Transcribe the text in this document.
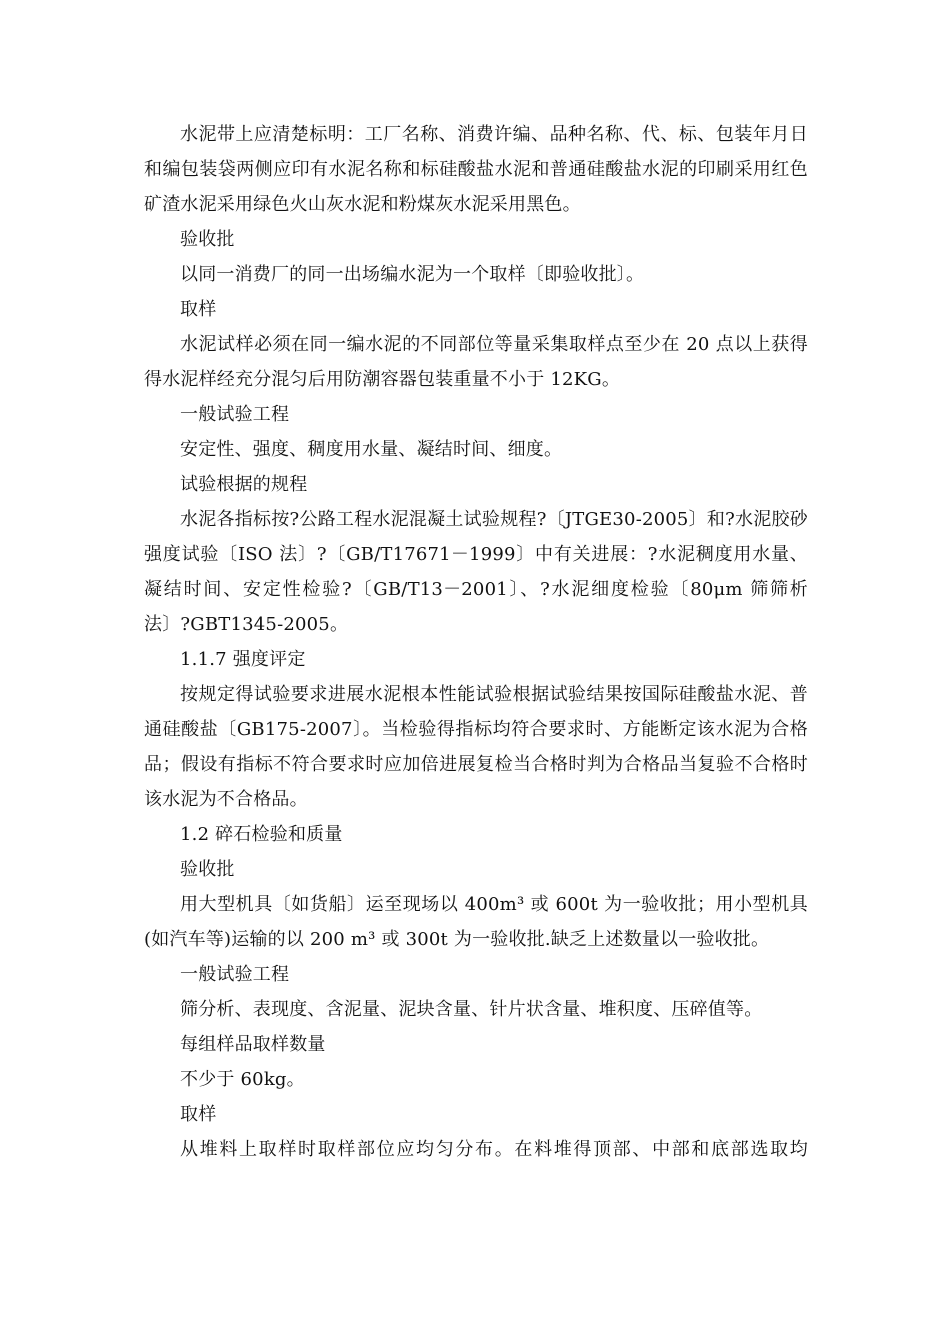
水泥带上应清楚标明：工厂名称、消费许编、品种名称、代、标、包装年月日和编包装袋两侧应印有水泥名称和标硅酸盐水泥和普通硅酸盐水泥的印刷采用红色矿渣水泥采用绿色火山灰水泥和粉煤灰水泥采用黑色。

验收批

以同一消费厂的同一出场编水泥为一个取样〔即验收批〕。

取样

水泥试样必须在同一编水泥的不同部位等量采集取样点至少在 20 点以上获得得水泥样经充分混匀后用防潮容器包装重量不小于 12KG。

一般试验工程

安定性、强度、稠度用水量、凝结时间、细度。

试验根据的规程

水泥各指标按?公路工程水泥混凝土试验规程?〔JTGE30-2005〕和?水泥胶砂强度试验〔ISO 法〕?〔GB/T17671－1999〕中有关进展：?水泥稠度用水量、凝结时间、安定性检验?〔GB/T13－2001〕、?水泥细度检验〔80μm 筛筛析法〕?GBT1345-2005。

1.1.7 强度评定

按规定得试验要求进展水泥根本性能试验根据试验结果按国际硅酸盐水泥、普通硅酸盐〔GB175-2007〕。当检验得指标均符合要求时、方能断定该水泥为合格品；假设有指标不符合要求时应加倍进展复检当合格时判为合格品当复验不合格时该水泥为不合格品。

1.2 碎石检验和质量

验收批

用大型机具〔如货船〕运至现场以 400m³ 或 600t 为一验收批；用小型机具(如汽车等)运输的以 200 m³ 或 300t 为一验收批.缺乏上述数量以一验收批。

一般试验工程

筛分析、表现度、含泥量、泥块含量、针片状含量、堆积度、压碎值等。

每组样品取样数量

不少于 60kg。

取样

从堆料上取样时取样部位应均匀分布。在料堆得顶部、中部和底部选取均
